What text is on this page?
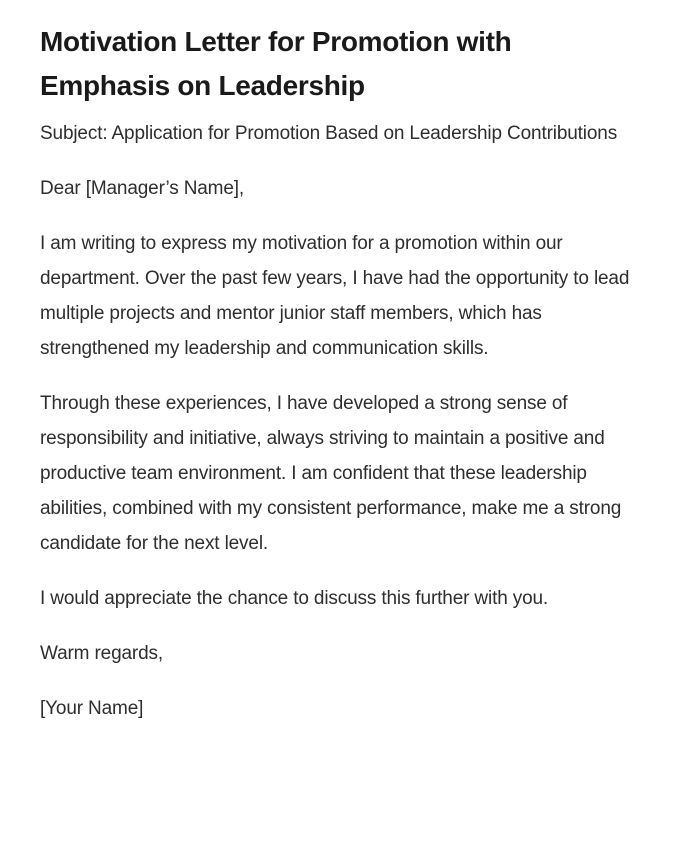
Motivation Letter for Promotion with Emphasis on Leadership

Subject: Application for Promotion Based on Leadership Contributions

Dear [Manager’s Name],

I am writing to express my motivation for a promotion within our department. Over the past few years, I have had the opportunity to lead multiple projects and mentor junior staff members, which has strengthened my leadership and communication skills.

Through these experiences, I have developed a strong sense of responsibility and initiative, always striving to maintain a positive and productive team environment. I am confident that these leadership abilities, combined with my consistent performance, make me a strong candidate for the next level.

I would appreciate the chance to discuss this further with you.

Warm regards,

[Your Name]
